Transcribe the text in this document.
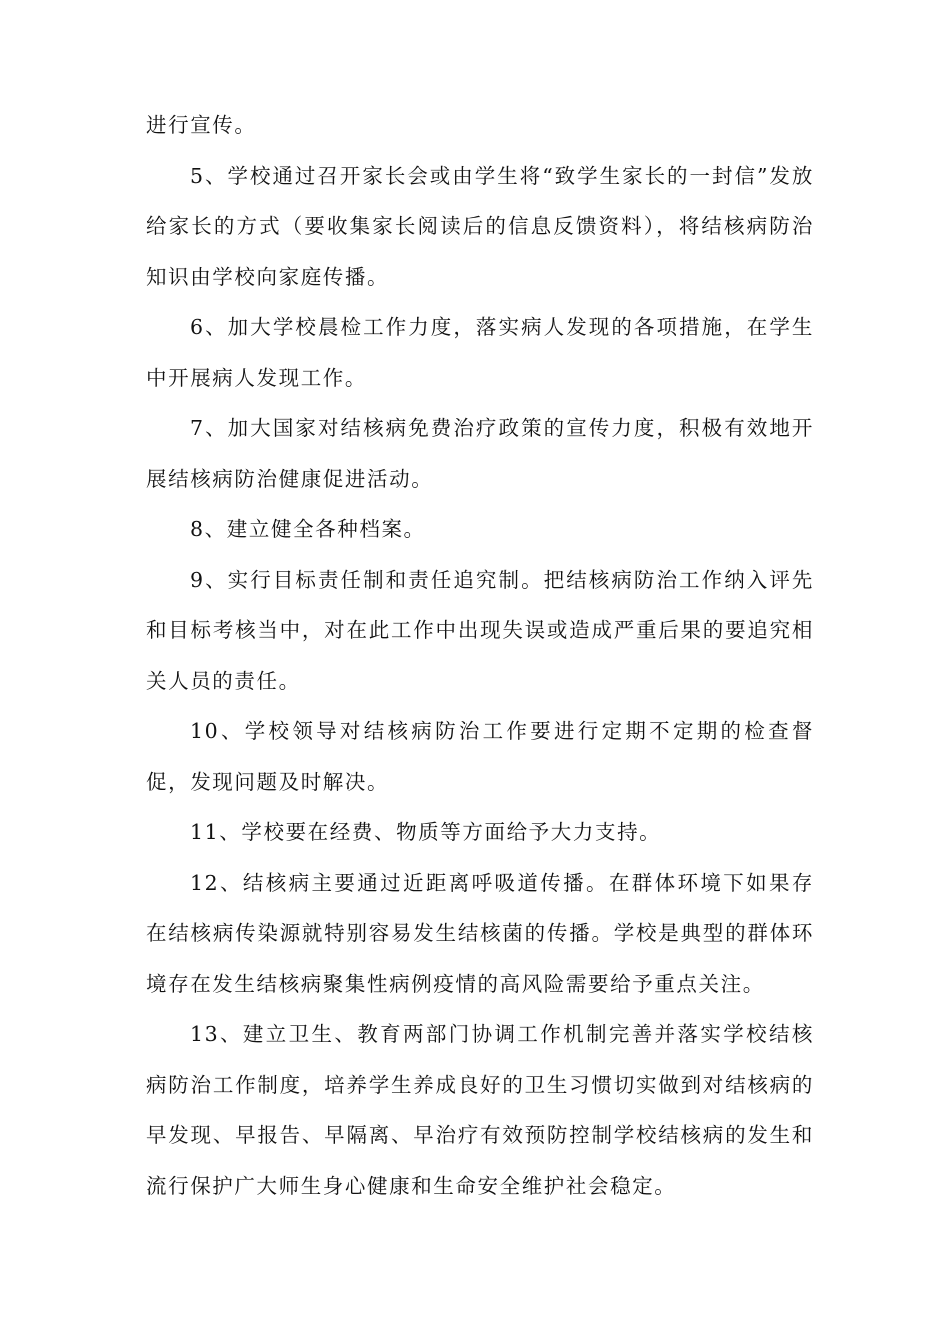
进行宣传。

5、学校通过召开家长会或由学生将“致学生家长的一封信”发放给家长的方式（要收集家长阅读后的信息反馈资料），将结核病防治知识由学校向家庭传播。

6、加大学校晨检工作力度，落实病人发现的各项措施，在学生中开展病人发现工作。

7、加大国家对结核病免费治疗政策的宣传力度，积极有效地开展结核病防治健康促进活动。

8、建立健全各种档案。

9、实行目标责任制和责任追究制。把结核病防治工作纳入评先和目标考核当中，对在此工作中出现失误或造成严重后果的要追究相关人员的责任。

10、学校领导对结核病防治工作要进行定期不定期的检查督促，发现问题及时解决。

11、学校要在经费、物质等方面给予大力支持。

12、结核病主要通过近距离呼吸道传播。在群体环境下如果存在结核病传染源就特别容易发生结核菌的传播。学校是典型的群体环境存在发生结核病聚集性病例疫情的高风险需要给予重点关注。

13、建立卫生、教育两部门协调工作机制完善并落实学校结核病防治工作制度，培养学生养成良好的卫生习惯切实做到对结核病的早发现、早报告、早隔离、早治疗有效预防控制学校结核病的发生和流行保护广大师生身心健康和生命安全维护社会稳定。
